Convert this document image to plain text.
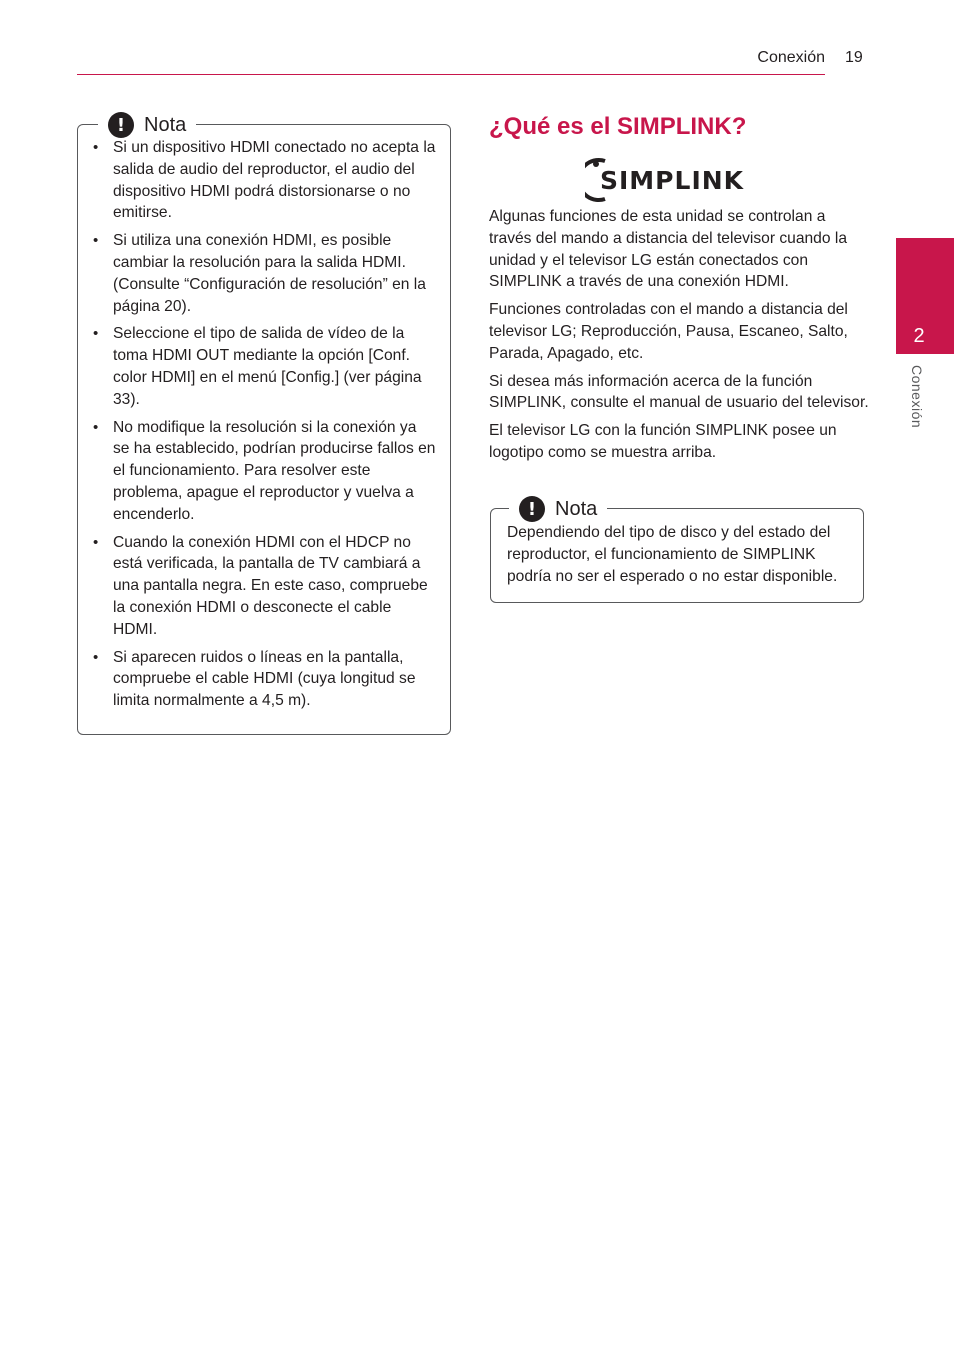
Conexión 19
2
Conexión
! Nota
• Si un dispositivo HDMI conectado no acepta la salida de audio del reproductor, el audio del dispositivo HDMI podrá distorsionarse o no emitirse.
• Si utiliza una conexión HDMI, es posible cambiar la resolución para la salida HDMI. (Consulte “Configuración de resolución” en la página 20).
• Seleccione el tipo de salida de vídeo de la toma HDMI OUT mediante la opción [Conf. color HDMI] en el menú [Config.] (ver página 33).
• No modifique la resolución si la conexión ya se ha establecido, podrían producirse fallos en el funcionamiento. Para resolver este problema, apague el reproductor y vuelva a encenderlo.
• Cuando la conexión HDMI con el HDCP no está verificada, la pantalla de TV cambiará a una pantalla negra. En este caso, compruebe la conexión HDMI o desconecte el cable HDMI.
• Si aparecen ruidos o líneas en la pantalla, compruebe el cable HDMI (cuya longitud se limita normalmente a 4,5 m).
¿Qué es el SIMPLINK?
SIMPLINK

Algunas funciones de esta unidad se controlan a través del mando a distancia del televisor cuando la unidad y el televisor LG están conectados con SIMPLINK a través de una conexión HDMI.

Funciones controladas con el mando a distancia del televisor LG; Reproducción, Pausa, Escaneo, Salto, Parada, Apagado, etc.

Si desea más información acerca de la función SIMPLINK, consulte el manual de usuario del televisor.

El televisor LG con la función SIMPLINK posee un logotipo como se muestra arriba.

! Nota
Dependiendo del tipo de disco y del estado del reproductor, el funcionamiento de SIMPLINK podría no ser el esperado o no estar disponible.
